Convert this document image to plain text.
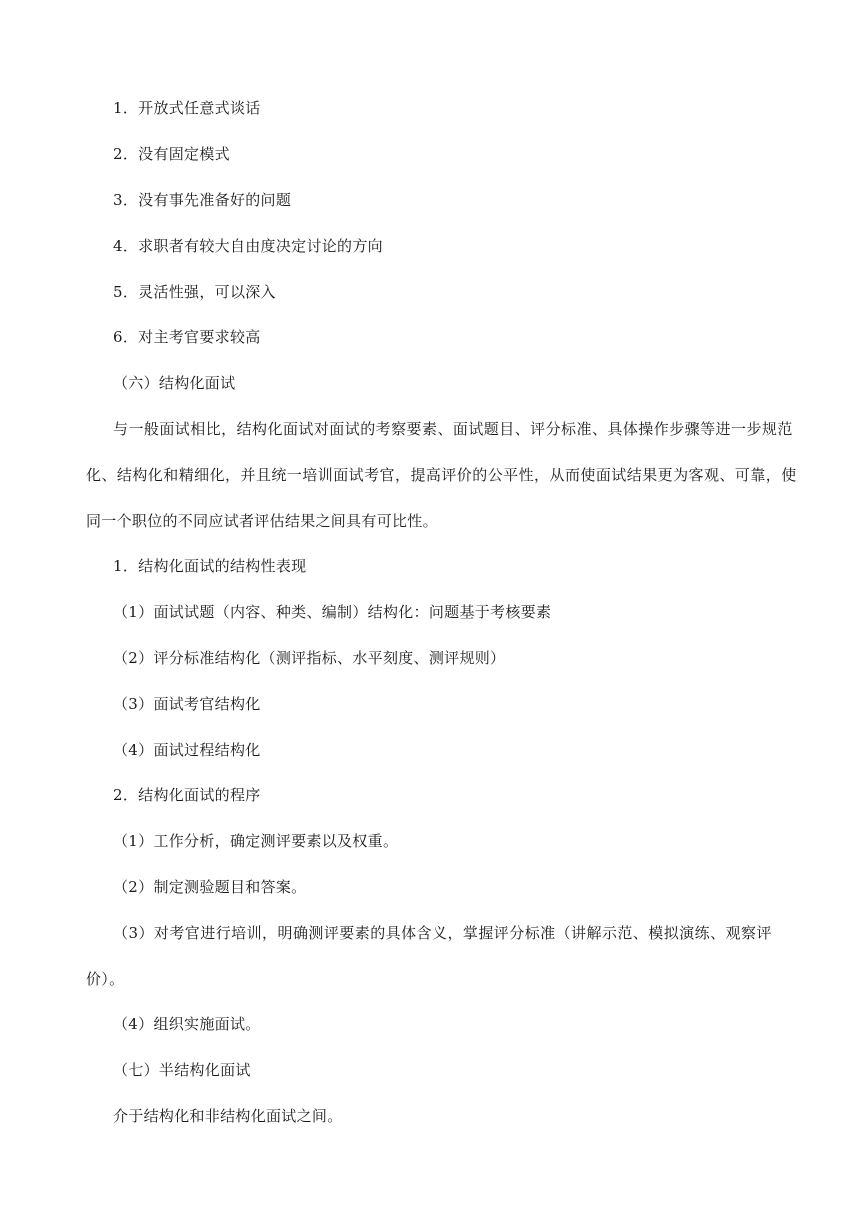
1．开放式任意式谈话
2．没有固定模式
3．没有事先准备好的问题
4．求职者有较大自由度决定讨论的方向
5．灵活性强，可以深入
6．对主考官要求较高
（六）结构化面试
与一般面试相比，结构化面试对面试的考察要素、面试题目、评分标准、具体操作步骤等进一步规范
化、结构化和精细化，并且统一培训面试考官，提高评价的公平性，从而使面试结果更为客观、可靠，使
同一个职位的不同应试者评估结果之间具有可比性。
1．结构化面试的结构性表现
（1）面试试题（内容、种类、编制）结构化：问题基于考核要素
（2）评分标准结构化（测评指标、水平刻度、测评规则）
（3）面试考官结构化
（4）面试过程结构化
2．结构化面试的程序
（1）工作分析，确定测评要素以及权重。
（2）制定测验题目和答案。
（3）对考官进行培训，明确测评要素的具体含义，掌握评分标准（讲解示范、模拟演练、观察评
价）。
（4）组织实施面试。
（七）半结构化面试
介于结构化和非结构化面试之间。
